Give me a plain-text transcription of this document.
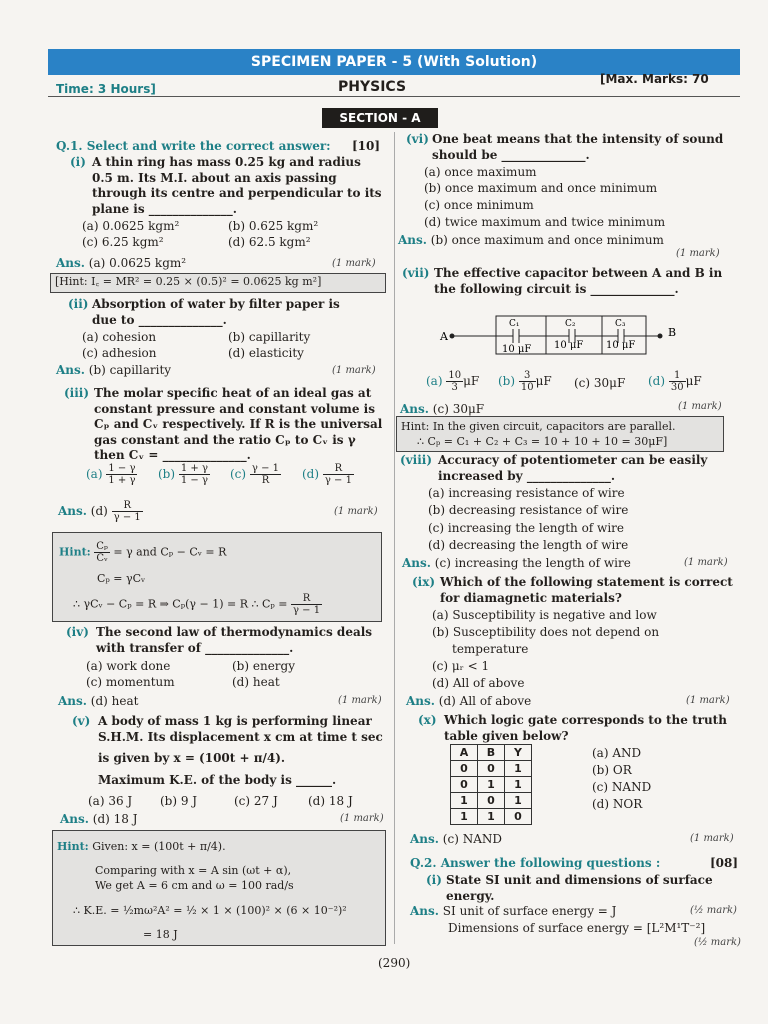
SPECIMEN PAPER - 5 (With Solution)
Time: 3 Hours]	PHYSICS	[Max. Marks: 70
SECTION - A
Q.1. Select and write the correct answer: [10]
(i) A thin ring has mass 0.25 kg and radius
0.5 m. Its M.I. about an axis passing
through its centre and perpendicular to its
plane is ______________.
(a) 0.0625 kgm²	(b) 0.625 kgm²
(c) 6.25 kgm²	(d) 62.5 kgm²
Ans. (a) 0.0625 kgm²	(1 mark)
[Hint: I꜀ = MR² = 0.25 × (0.5)² = 0.0625 kg m²]
(ii) Absorption of water by filter paper is
due to ______________.
(a) cohesion	(b) capillarity
(c) adhesion	(d) elasticity
Ans. (b) capillarity	(1 mark)
(iii) The molar specific heat of an ideal gas at
constant pressure and constant volume is
Cₚ and Cᵥ respectively. If R is the universal
gas constant and the ratio Cₚ to Cᵥ is γ
then Cᵥ = ______________.
$(a) \frac{1 - \gamma}{1 + \gamma} (b) \frac{1 + \gamma}{1 - \gamma} (c) \frac{\gamma - 1}{R} (d) \frac{R}{\gamma - 1}$
Ans. $(d) \frac{R}{\gamma - 1}$	(1 mark)
Hint: $\frac{\text{Cₚ}}{\text{Cᵥ}} = \gamma$ and Cₚ − Cᵥ = R
Cₚ = γCᵥ
∴ γCᵥ − Cₚ = R ⇒ Cₚ(γ − 1) = R ∴ $C_p = \frac{R}{\gamma - 1}$
(iv) The second law of thermodynamics deals
with transfer of ______________.
(a) work done	(b) energy
(c) momentum	(d) heat
Ans. (d) heat	(1 mark)
(v) A body of mass 1 kg is performing linear
S.H.M. Its displacement x cm at time t sec
is given by x = (100t + π/4).
Maximum K.E. of the body is ______.
(a) 36 J (b) 9 J	(c) 27 J	(d) 18 J
Ans. (d) 18 J	(1 mark)
Hint: Given: x = (100t + π/4).
Comparing with x = A sin (ωt + α),
We get A = 6 cm and ω = 100 rad/s
∴ K.E. = ½mω²A² = ½ × 1 × (100)² × (6 × 10⁻²)²
= 18 J
(vi) One beat means that the intensity of sound
should be ______________.
(a) once maximum
(b) once maximum and once minimum
(c) once minimum
(d) twice maximum and twice minimum
Ans. (b) once maximum and once minimum
(1 mark)
(vii) The effective capacitor between A and B in
the following circuit is ______________.
A	B
C₁	C₂	C₃
10 μF 10 μF 10 μF
$(a) \frac{10}{3}$ μF $(b) \frac{3}{10}$ μF (c) 30μF $(d) \frac{1}{30}$ μF
Ans. (c) 30μF	(1 mark)
Hint: In the given circuit, capacitors are parallel.
∴ Cₚ = C₁ + C₂ + C₃ = 10 + 10 + 10 = 30μF]
(viii) Accuracy of potentiometer can be easily
increased by ______________.
(a) increasing resistance of wire
(b) decreasing resistance of wire
(c) increasing the length of wire
(d) decreasing the length of wire
Ans. (c) increasing the length of wire	(1 mark)
(ix) Which of the following statement is correct
for diamagnetic materials?
(a) Susceptibility is negative and low
(b) Susceptibility does not depend on
temperature
(c) μᵣ < 1
(d) All of above
Ans. (d) All of above	(1 mark)
(x) Which logic gate corresponds to the truth
table given below?
A	B	Y
0	0	1
0	1	1
1	0	1
1	1	0
(a) AND
(b) OR
(c) NAND
(d) NOR
Ans. (c) NAND	(1 mark)
Q.2. Answer the following questions :	[08]
(i) State SI unit and dimensions of surface
energy.
Ans. SI unit of surface energy = J	(½ mark)
Dimensions of surface energy = [L²M¹T⁻²]
(½ mark)
(290)
